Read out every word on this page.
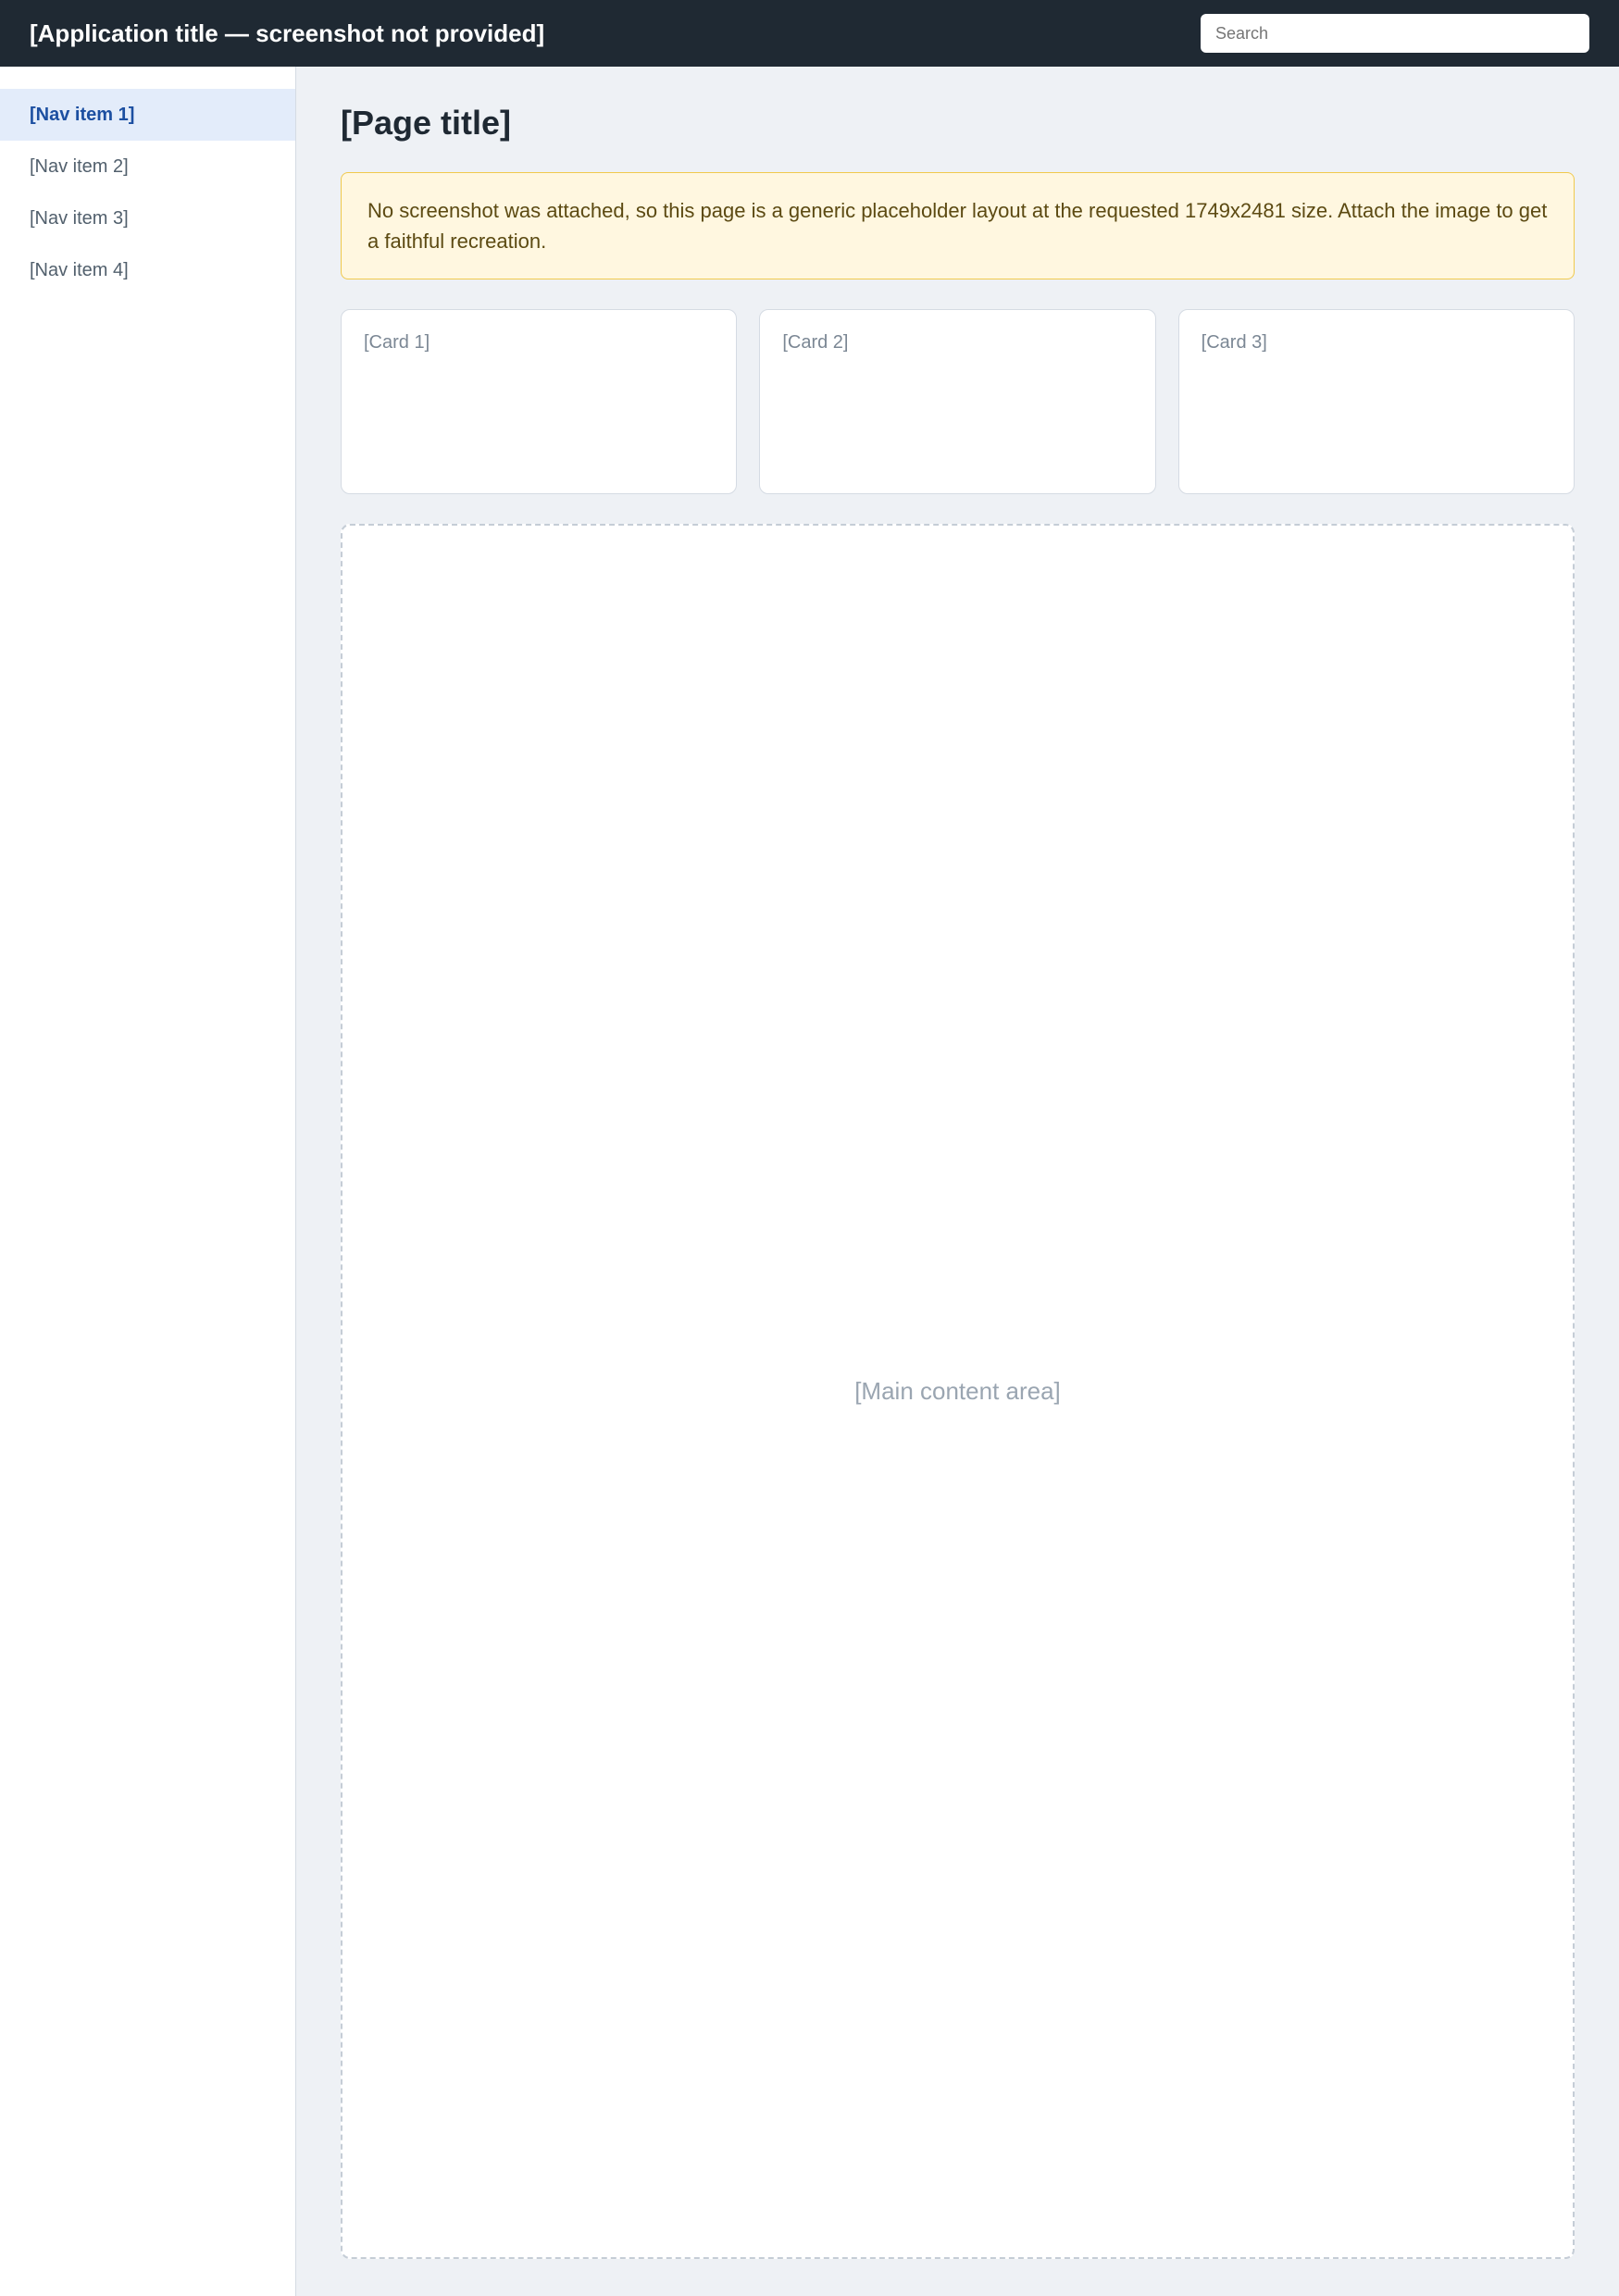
[Application title — screenshot not provided]
Search
[Nav item 1]
[Nav item 2]
[Nav item 3]
[Nav item 4]
[Page title]
No screenshot was attached, so this page is a generic placeholder layout at the requested 1749x2481 size. Attach the image to get a faithful recreation.
[Card 1]	[Card 2]	[Card 3]
[Main content area]
